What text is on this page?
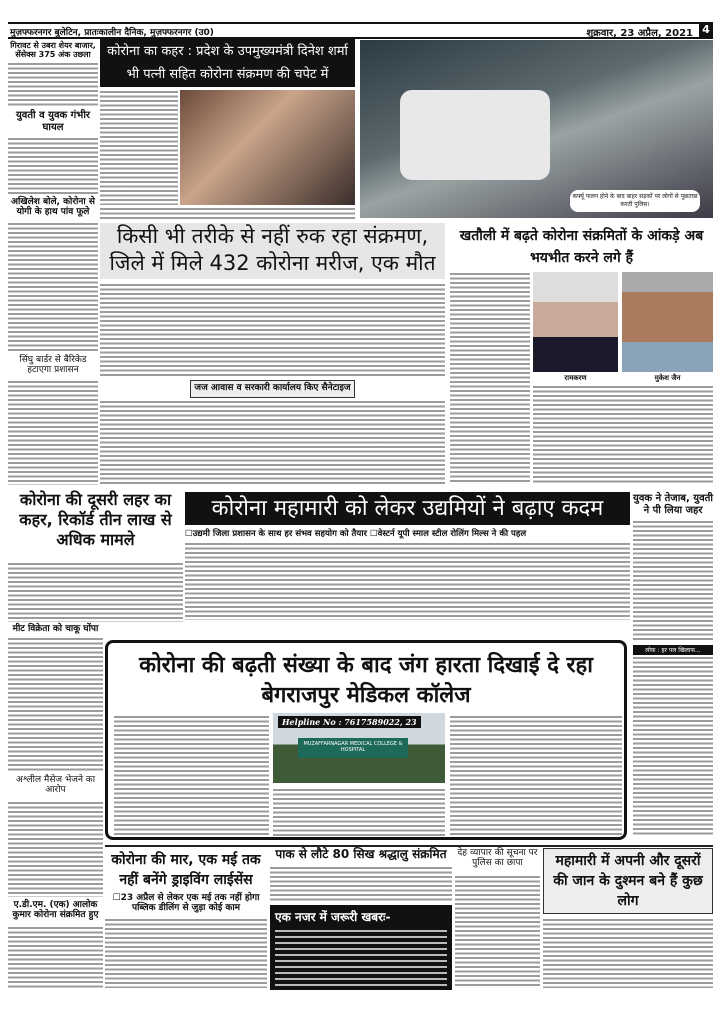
मुज़फ्फरनगर बुलेटिन, प्रातःकालीन दैनिक, मुज़फ्फरनगर (उ0)	शुक्रवार, 23 अप्रैल, 2021 4
गिरावट से उबरा शेयर बाजार, सेंसेक्स 375 अंक उछला
युवती व युवक गंभीर घायल
अखिलेश बोले, कोरोना से योगी के हाथ पांव फूले
सिंघु बार्डर से बैरिकेड हटाएगा प्रशासन
कोरोना का कहर : प्रदेश के उपमुख्यमंत्री दिनेश शर्मा भी पत्नी सहित कोरोना संक्रमण की चपेट में
कर्फ्यू पालन होने के बाद बाहर सड़कों पर लोगों से पूछताछ करती पुलिस।
किसी भी तरीके से नहीं रुक रहा संक्रमण, जिले में मिले 432 कोरोना मरीज, एक मौत
जज आवास व सरकारी कार्यालय किए सैनेटाइज
खतौली में बढ़ते कोरोना संक्रमितों के आंकड़े अब भयभीत करने लगे हैं
रामकरण	मुकेश जैन
कोरोना की दूसरी लहर का कहर, रिकॉर्ड तीन लाख से अधिक मामले
कोरोना महामारी को लेकर उद्यमियों ने बढ़ाए कदम
☐उद्यमी जिला प्रशासन के साथ हर संभव सहयोग को तैयार ☐वेस्टर्न यूपी स्माल स्टील रोलिंग मिल्स ने की पहल
युवक ने तेजाब, युवती ने पी लिया जहर
लोक : हर पल खिलाफ...
मीट विक्रेता को चाकू घोंपा
अश्लील मैसेज भेजने का आरोप
ए.डी.एम. (एक) आलोक कुमार कोरोना संक्रमित हुए
कोरोना की बढ़ती संख्या के बाद जंग हारता दिखाई दे रहा बेगराजपुर मेडिकल कॉलेज
Helpline No : 7617589022, 23
MUZAFFARNAGAR MEDICAL COLLEGE & HOSPITAL
कोरोना की मार, एक मई तक नहीं बनेंगे ड्राइविंग लाईसेंस
☐23 अप्रैल से लेकर एक मई तक नहीं होगा पब्लिक डीलिंग से जुड़ा कोई काम
पाक से लौटे 80 सिख श्रद्धालु संक्रमित
एक नजर में जरूरी खबरः-
देह व्यापार की सूचना पर पुलिस का छापा	महामारी में अपनी और दूसरों की जान के दुश्मन बने हैं कुछ लोग
